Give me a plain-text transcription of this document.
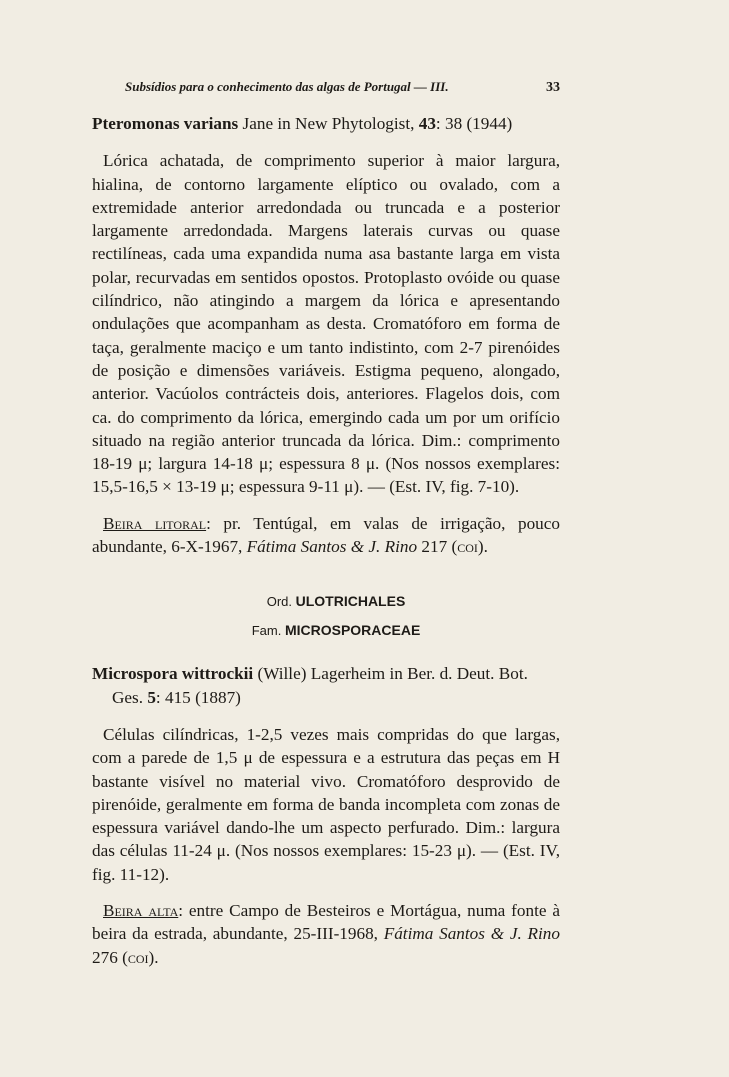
Subsídios para o conhecimento das algas de Portugal — III.	33

Pteromonas varians Jane in New Phytologist, 43: 38 (1944)

Lórica achatada, de comprimento superior à maior largura, hialina, de contorno largamente elíptico ou ovalado, com a extremidade anterior arredondada ou truncada e a posterior largamente arredondada. Margens laterais curvas ou quase rectilíneas, cada uma expandida numa asa bastante larga em vista polar, recurvadas em sentidos opostos. Protoplasto ovóide ou quase cilíndrico, não atingindo a margem da lórica e apresentando ondulações que acompanham as desta. Cromatóforo em forma de taça, geralmente maciço e um tanto indistinto, com 2-7 pirenóides de posição e dimensões variáveis. Estigma pequeno, alongado, anterior. Vacúolos contrácteis dois, anteriores. Flagelos dois, com ca. do comprimento da lórica, emergindo cada um por um orifício situado na região anterior truncada da lórica. Dim.: comprimento 18-19 μ; largura 14-18 μ; espessura 8 μ. (Nos nossos exemplares: 15,5-16,5 × 13-19 μ; espessura 9-11 μ). — (Est. IV, fig. 7-10).

Beira litoral: pr. Tentúgal, em valas de irrigação, pouco abundante, 6-X-1967, Fátima Santos & J. Rino 217 (coi).

Ord. ULOTRICHALES
Fam. MICROSPORACEAE

Microspora wittrockii (Wille) Lagerheim in Ber. d. Deut. Bot. Ges. 5: 415 (1887)

Células cilíndricas, 1-2,5 vezes mais compridas do que largas, com a parede de 1,5 μ de espessura e a estrutura das peças em H bastante visível no material vivo. Cromatóforo desprovido de pirenóide, geralmente em forma de banda incompleta com zonas de espessura variável dando-lhe um aspecto perfurado. Dim.: largura das células 11-24 μ. (Nos nossos exemplares: 15-23 μ). — (Est. IV, fig. 11-12).

Beira alta: entre Campo de Besteiros e Mortágua, numa fonte à beira da estrada, abundante, 25-III-1968, Fátima Santos & J. Rino 276 (coi).
